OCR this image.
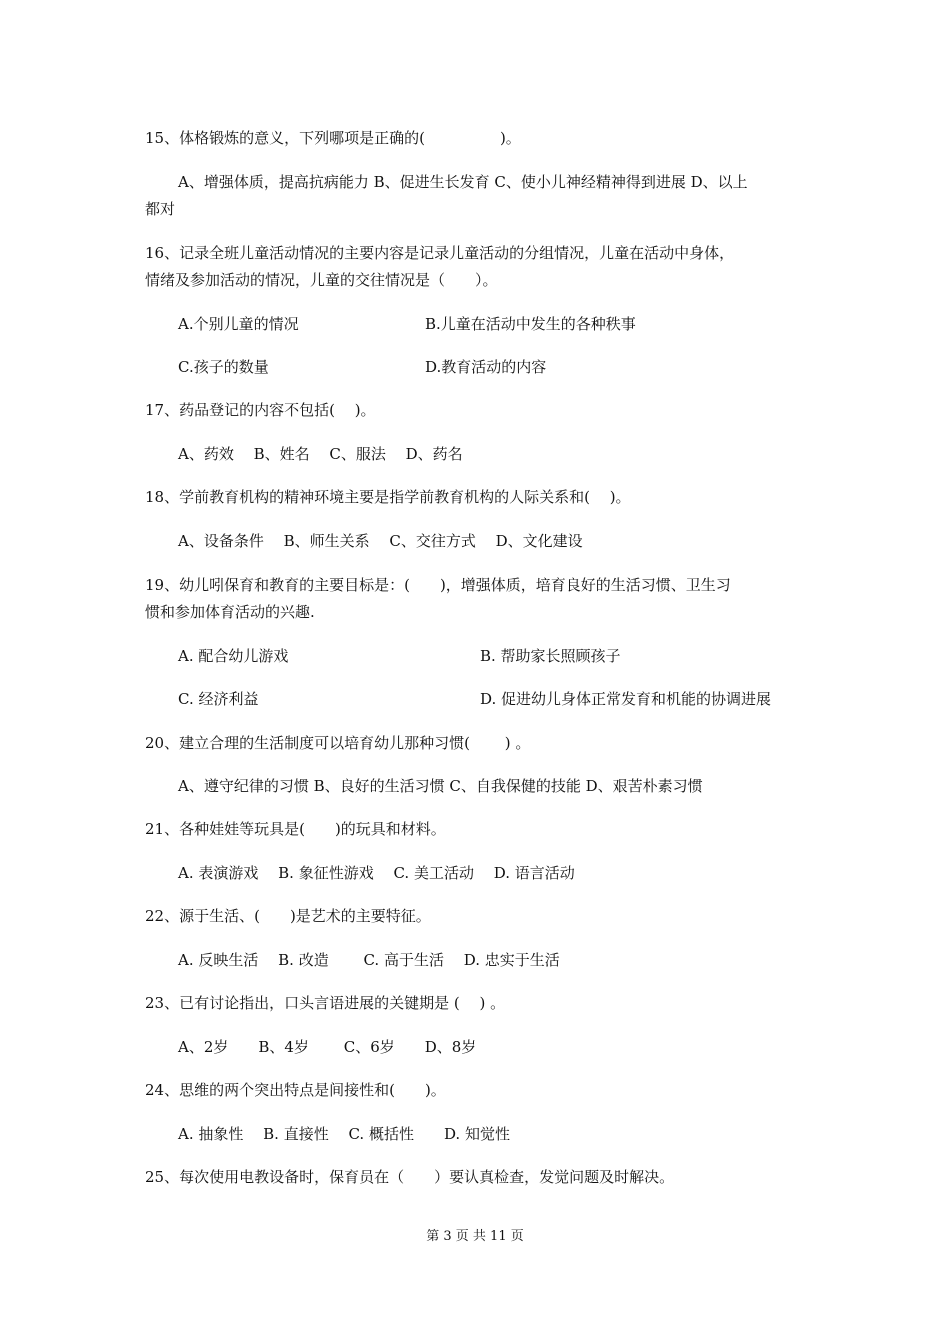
15、体格锻炼的意义，下列哪项是正确的(　　　　　)。
A、增强体质，提高抗病能力 B、促进生长发育 C、使小儿神经精神得到进展 D、以上
都对
16、记录全班儿童活动情况的主要内容是记录儿童活动的分组情况，儿童在活动中身体，
情绪及参加活动的情况，儿童的交往情况是（　　）。
A.个别儿童的情况	B.儿童在活动中发生的各种秩事
C.孩子的数量	D.教育活动的内容
17、药品登记的内容不包括(　 )。
A、药效　 B、姓名　 C、服法　 D、药名
18、学前教育机构的精神环境主要是指学前教育机构的人际关系和(　 )。
A、设备条件　 B、师生关系　 C、交往方式　 D、文化建设
19、幼儿吲保育和教育的主要目标是：(　　)，增强体质，培育良好的生活习惯、卫生习
惯和参加体育活动的兴趣.
A. 配合幼儿游戏	B. 帮助家长照顾孩子
C. 经济利益	D. 促进幼儿身体正常发育和机能的协调进展
20、建立合理的生活制度可以培育幼儿那种习惯(　　 ) 。
A、遵守纪律的习惯 B、良好的生活习惯 C、自我保健的技能 D、艰苦朴素习惯
21、各种娃娃等玩具是(　　)的玩具和材料。
A. 表演游戏　 B. 象征性游戏　 C. 美工活动　 D. 语言活动
22、源于生活、(　　)是艺术的主要特征。
A. 反映生活　 B. 改造　　 C. 高于生活　 D. 忠实于生活
23、已有讨论指出，口头言语进展的关键期是 (　 ) 。
A、2岁　　B、4岁　　 C、6岁　　D、8岁
24、思维的两个突出特点是间接性和(　　)。
A. 抽象性　 B. 直接性　 C. 概括性　　D. 知觉性
25、每次使用电教设备时，保育员在（　　）要认真检查，发觉问题及时解决。
第 3 页 共 11 页
